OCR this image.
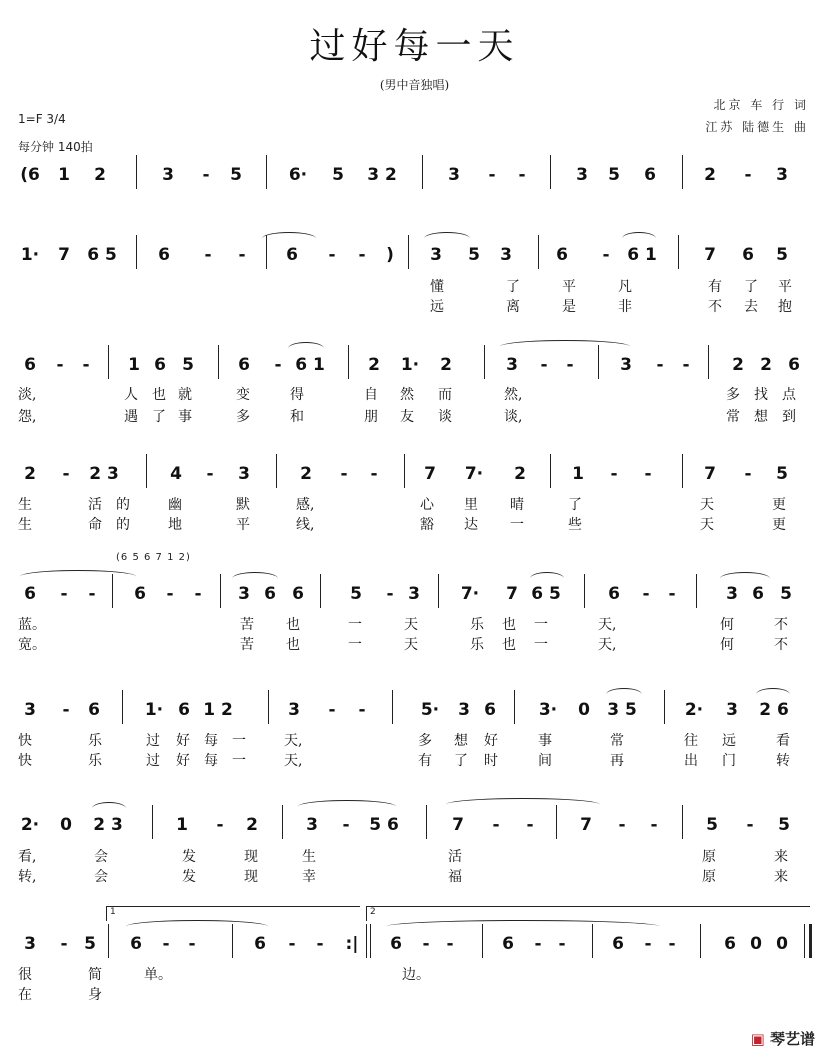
过好每一天
(男中音独唱)
北京 车 行 词
江苏 陆德生 曲
1=F 3/4
每分钟 140拍
(6	1	2	3	-	5	6·	5	3 2	3	-	-	3	5	6	2	-	3
1·	7	6 5	6	-	-	6	-	-	)	3	5	3	6	-	6 1	7	6	5
懂	了	平	凡	有 了 平
远	离	是	非	不 去 抱
6	-	-	1 6 5	6	- 6 1	2	1·	2	3	-	-	3	-	-	2 2 6
淡,	人 也 就	变	得	自 然 而	然,	多 找 点
怨,	遇 了 事	多	和	朋 友 谈	谈,	常 想 到
2	-	2 3	4	-	3	2	-	-	7	7·	2	1	-	-	7	-	5
生	活 的	幽	默	感,	心 里 晴	了	天	更
生	命 的	地	平	线,	豁 达 一	些	天	更
(6 5 6 7 1 2)
6	-	-	6	-	-	3 6 6	5	- 3	7·	7 6 5	6	-	-	3 6 5
蓝。	苦 也	一	天	乐 也 一	天,	何	不
宽。	苦 也	一	天	乐 也 一	天,	何	不
3	-	6	1· 6 1 2	3	-	-	5·	3 6	3·	0	3 5	2·	3	2 6
快	乐	过 好 每 一	天,	多 想 好	事	常	往 远	看
快	乐	过 好 每 一	天,	有 了 时	间	再	出 门	转
2·	0	2 3	1	-	2	3	-	5 6	7	-	-	7	-	-	5	-	5
看,	会	发	现	生	活	原	来
转,	会	发	现	幸	福	原	来
1	2
3	- 5	6	-	-	6	-	-	:|	6	- -	6	- -	6	- -	6 0 0
很	简	单。	边。
在	身
▣ 琴艺谱
